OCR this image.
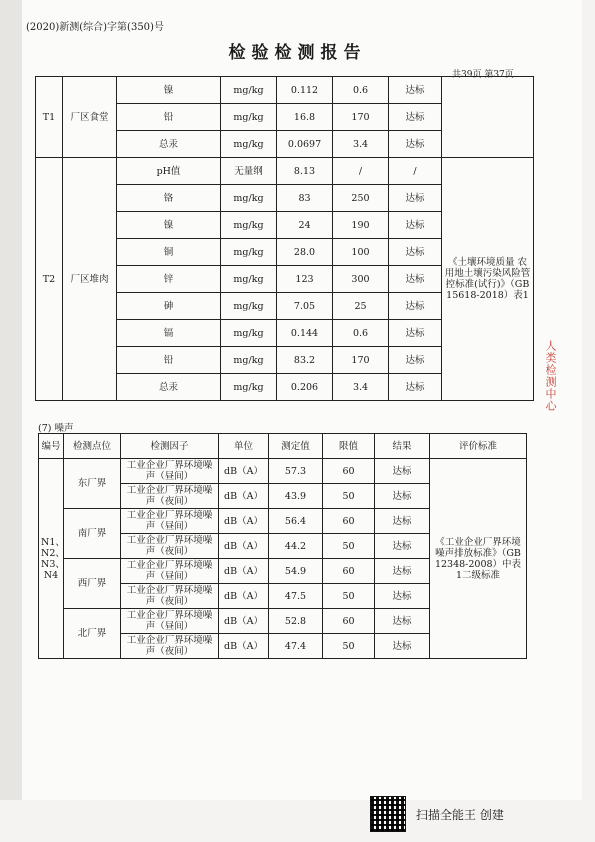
(2020)新测(综合)字第(350)号
检验检测报告
共39页 第37页
T1	厂区食堂	镍	mg/kg	0.112	0.6	达标	
		铅	mg/kg	16.8	170	达标	
		总汞	mg/kg	0.0697	3.4	达标	
T2	厂区堆肉	pH值	无量纲	8.13	/	/	《土壤环境质量 农用地土壤污染风险管控标准(试行)》（GB 15618-2018）表1
		铬	mg/kg	83	250	达标	
		镍	mg/kg	24	190	达标	
		铜	mg/kg	28.0	100	达标	
		锌	mg/kg	123	300	达标	
		砷	mg/kg	7.05	25	达标	
		镉	mg/kg	0.144	0.6	达标	
		铅	mg/kg	83.2	170	达标	
		总汞	mg/kg	0.206	3.4	达标	
(7) 噪声
编号	检测点位	检测因子	单位	测定值	限值	结果	评价标准
N1、N2、N3、N4	东厂界	工业企业厂界环境噪声（昼间）	dB（A）	57.3	60	达标	《工业企业厂界环境噪声排放标准》（GB 12348-2008）中表1二级标准
		工业企业厂界环境噪声（夜间）	dB（A）	43.9	50	达标	
	南厂界	工业企业厂界环境噪声（昼间）	dB（A）	56.4	60	达标	
		工业企业厂界环境噪声（夜间）	dB（A）	44.2	50	达标	
	西厂界	工业企业厂界环境噪声（昼间）	dB（A）	54.9	60	达标	
		工业企业厂界环境噪声（夜间）	dB（A）	47.5	50	达标	
	北厂界	工业企业厂界环境噪声（昼间）	dB（A）	52.8	60	达标	
		工业企业厂界环境噪声（夜间）	dB（A）	47.4	50	达标	
人类检测中心
扫描全能王 创建
